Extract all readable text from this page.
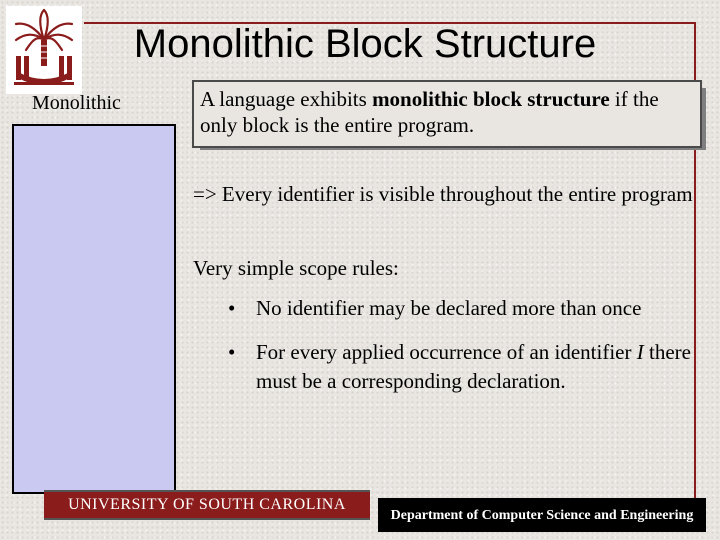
Monolithic Block Structure
Monolithic	A language exhibits monolithic block structure if the only block is the entire program.
=> Every identifier is visible throughout the entire program
Very simple scope rules:
• No identifier may be declared more than once
• For every applied occurrence of an identifier I there must be a corresponding declaration.
UNIVERSITY OF SOUTH CAROLINA
Department of Computer Science and Engineering
